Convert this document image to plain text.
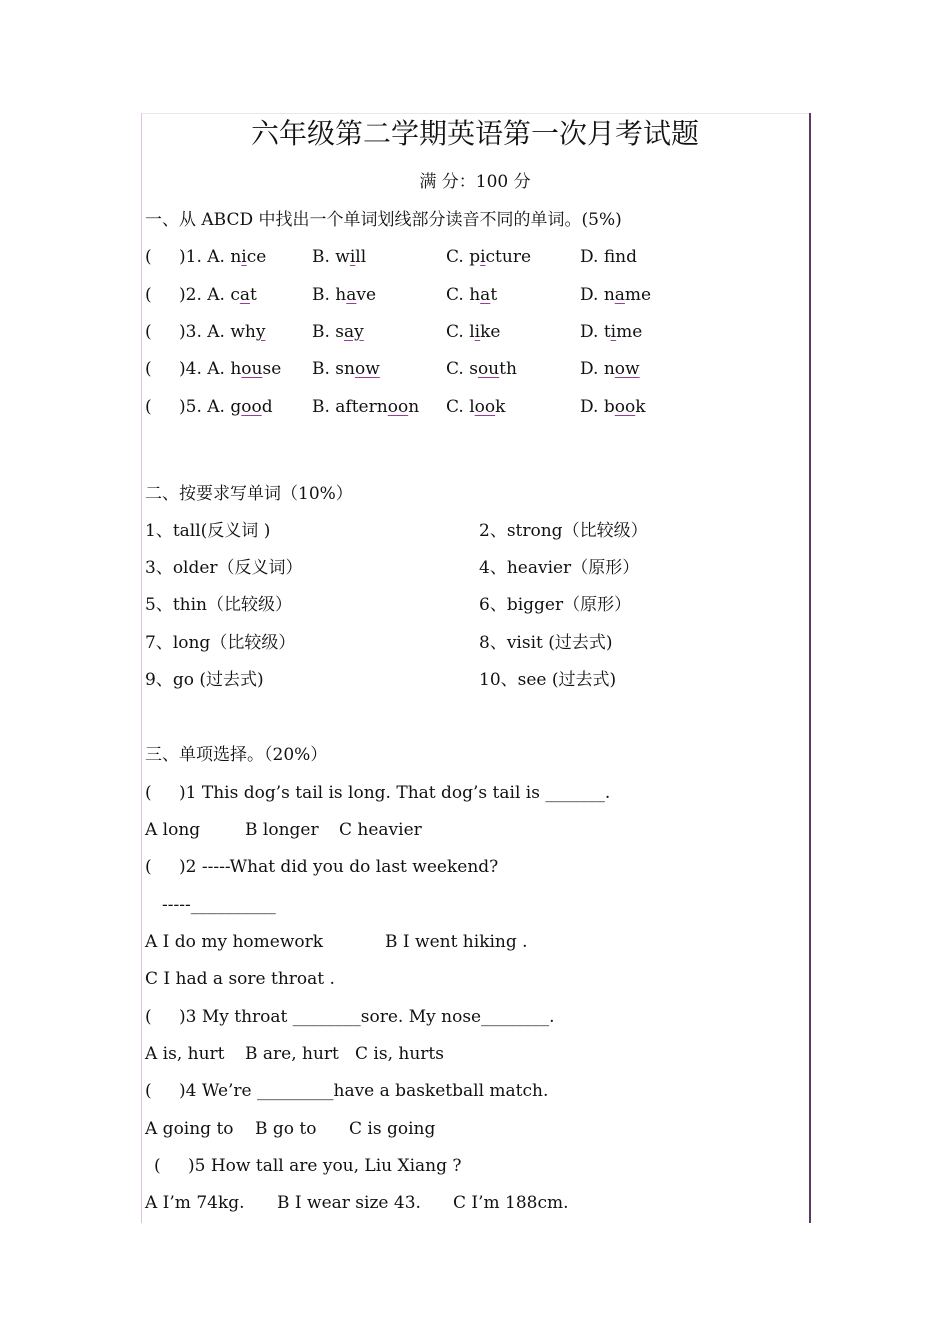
六年级第二学期英语第一次月考试题
满 分：100 分
一、从 ABCD 中找出一个单词划线部分读音不同的单词。(5%)
( )1. A. nice	B. will	C. picture	D. fnd
( )2. A. cat	B. have	C. hat	D. name
( )3. A. why	B. say	C. like	D. time
( )4. A. house B. snow	C. south	D. now
( )5. A. good B. afternoon C. look	D. book
二、按要求写单词（10%）
1、tall(反义词 )	2、strong（比较级）
3、older（反义词）	4、heavier（原形）
5、thin（比较级）	6、bigger（原形）
7、long（比较级）	8、visit (过去式)
9、go (过去式)	10、see (过去式)
三、单项选择。（20%）
( )1 This dog’s tail is long. That dog’s tail is _______.
A long	B longer C heavier
( )2 -----What did you do last weekend?
-----__________
A I do my homework	B I went hiking .
C I had a sore throat .
( )3 My throat ________sore. My nose________.
A is, hurt B are, hurt C is, hurts
( )4 We’re _________have a basketball match.
A going to B go to C is going
( )5 How tall are you, Liu Xiang ?
A I’m 74kg. B I wear size 43. C I’m 188cm.
